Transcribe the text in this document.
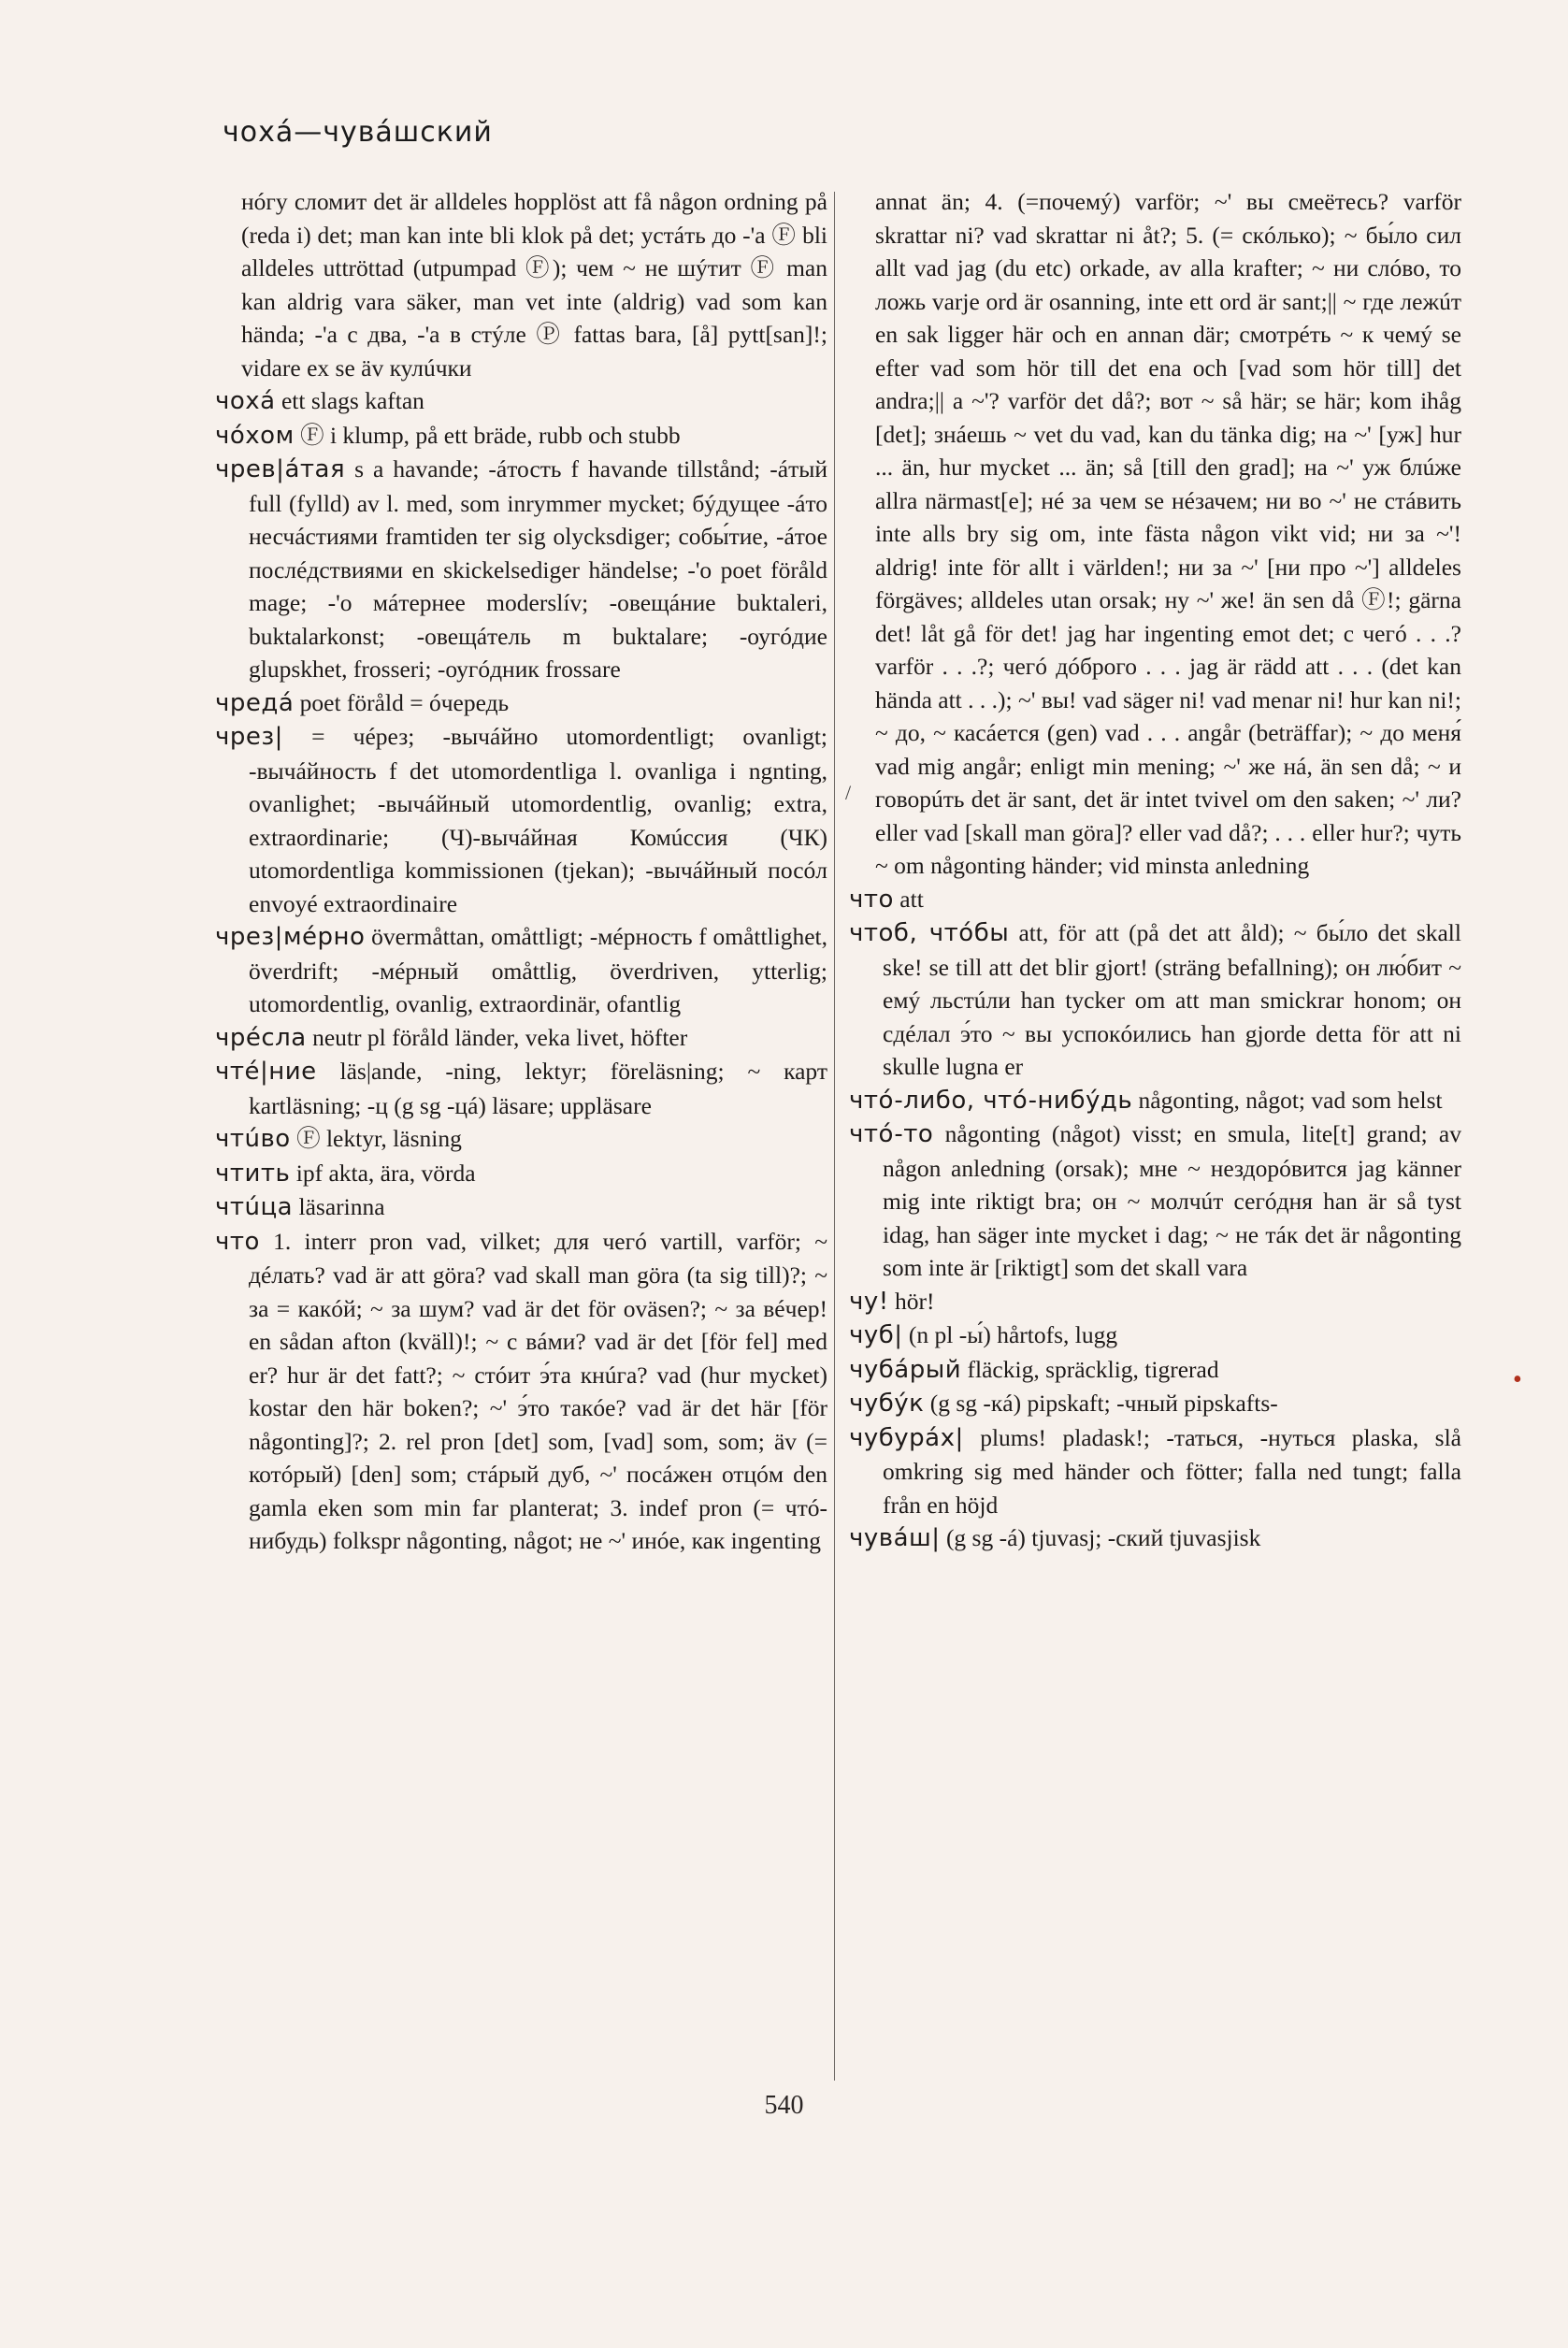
чохá—чувáшский

нóгу сломит det är alldeles hopplöst att få någon ordning på (reda i) det; man kan inte bli klok på det; устáть до -'а Ⓕ bli alldeles uttröttad (utpumpad Ⓕ); чем ~ не шýтит Ⓕ man kan aldrig vara säker, man vet inte (aldrig) vad som kan hända; -'а с два, -'а в стýле Ⓟ fattas bara, [å] pytt[san]!; vidare ex se äv кулúчки

чохá ett slags kaftan

чóхом Ⓕ i klump, på ett bräde, rubb och stubb

чрев|áтая s a havande; -áтость f havande tillstånd; -áтый full (fylld) av l. med, som inrymmer mycket; бýдущее -áто несчáстиями framtiden ter sig olycksdiger; собы́тие, -áтое послéдствиями en skickelsediger händelse; -'о poet föråld mage; -'о мáтернее moderslív; -овещáние buktaleri, buktalarkonst; -овещáтель m buktalare; -оугóдие glupskhet, frosseri; -оугóдник frossare

чредá poet föråld = óчередь

чрез| = чéрез; -вычáйно utomordentligt; ovanligt; -вычáйность f det utomordentliga l. ovanliga i ngnting, ovanlighet; -вычáйный utomordentlig, ovanlig; extra, extraordinarie; (Ч)-вычáйная Комúссия (ЧК) utomordentliga kommissionen (tjekan); -вычáйный посóл envoyé extraordinaire

чрез|мéрно övermåttan, omåttligt; -мéрность f omåttlighet, överdrift; -мéрный omåttlig, överdriven, ytterlig; utomordentlig, ovanlig, extraordinär, ofantlig

чрéсла neutr pl föråld länder, veka livet, höfter

чтé|ние läs|ande, -ning, lektyr; föreläsning; ~ карт kartläsning; -ц (g sg -цá) läsare; uppläsare

чтúво Ⓕ lektyr, läsning

чтить ipf akta, ära, vörda

чтúца läsarinna

что 1. interr pron vad, vilket; для чегó vartill, varför; ~ дéлать? vad är att göra? vad skall man göra (ta sig till)?; ~ за = какóй; ~ за шум? vad är det för oväsen?; ~ за вéчер! en sådan afton (kväll)!; ~ с вáми? vad är det [för fel] med er? hur är det fatt?; ~ стóит э́та кнúга? vad (hur mycket) kostar den här boken?; ~' э́то такóе? vad är det här [för någonting]?; 2. rel pron [det] som, [vad] som, som; äv (= котóрый) [den] som; стáрый дуб, ~' посáжен отцóм den gamla eken som min far planterat; 3. indef pron (= чтó-нибудь) folkspr någonting, något; не ~' инóе, как ingenting

annat än; 4. (=почемý) varför; ~' вы смеётесь? varför skrattar ni? vad skrattar ni åt?; 5. (= скóлько); ~ бы́ло сил allt vad jag (du etc) orkade, av alla krafter; ~ ни слóво, то ложь varje ord är osanning, inte ett ord är sant;|| ~ где лежúт en sak ligger här och en annan där; смотрéть ~ к чемý se efter vad som hör till det ena och [vad som hör till] det andra;|| а ~'? varför det då?; вот ~ så här; se här; kom ihåg [det]; знáешь ~ vet du vad, kan du tänka dig; на ~' [уж] hur ... än, hur mycket ... än; så [till den grad]; на ~' уж блúже allra närmast[e]; нé за чем se нéзачем; ни во ~' не стáвить inte alls bry sig om, inte fästa någon vikt vid; ни за ~'! aldrig! inte för allt i världen!; ни за ~' [ни про ~'] alldeles förgäves; alldeles utan orsak; ну ~' же! än sen då Ⓕ!; gärna det! låt gå för det! jag har ingenting emot det; с чегó . . .? varför . . .?; чегó дóброго . . . jag är rädd att . . . (det kan hända att . . .); ~' вы! vad säger ni! vad menar ni! hur kan ni!; ~ до, ~ касáется (gen) vad . . . angår (beträffar); ~ до меня́ vad mig angår; enligt min mening; ~' же нá, än sen då; ~ и говорúть det är sant, det är intet tvivel om den saken; ~' ли? eller vad [skall man göra]? eller vad då?; . . . eller hur?; чуть ~ om någonting händer; vid minsta anledning

что att

чтоб, чтóбы att, för att (på det att åld); ~ бы́ло det skall ske! se till att det blir gjort! (sträng befallning); он лю́бит ~ емý льстúли han tycker om att man smickrar honom; он сдéлал э́то ~ вы успокóились han gjorde detta för att ni skulle lugna er

чтó-либо, чтó-нибýдь någonting, något; vad som helst

чтó-то någonting (något) visst; en smula, lite[t] grand; av någon anledning (orsak); мне ~ нездорóвится jag känner mig inte riktigt bra; он ~ молчúт сегóдня han är så tyst idag, han säger inte mycket i dag; ~ не тáк det är någonting som inte är [riktigt] som det skall vara

чу! hör!

чуб| (n pl -ы́) hårtofs, lugg

чубáрый fläckig, spräcklig, tigrerad

чубýк (g sg -кá) pipskaft; -чный pipskafts-

чубурáх| plums! pladask!; -таться, -нуться plaska, slå omkring sig med händer och fötter; falla ned tungt; falla från en höjd

чувáш| (g sg -á) tjuvasj; -ский tjuvasjisk

/
•
540
